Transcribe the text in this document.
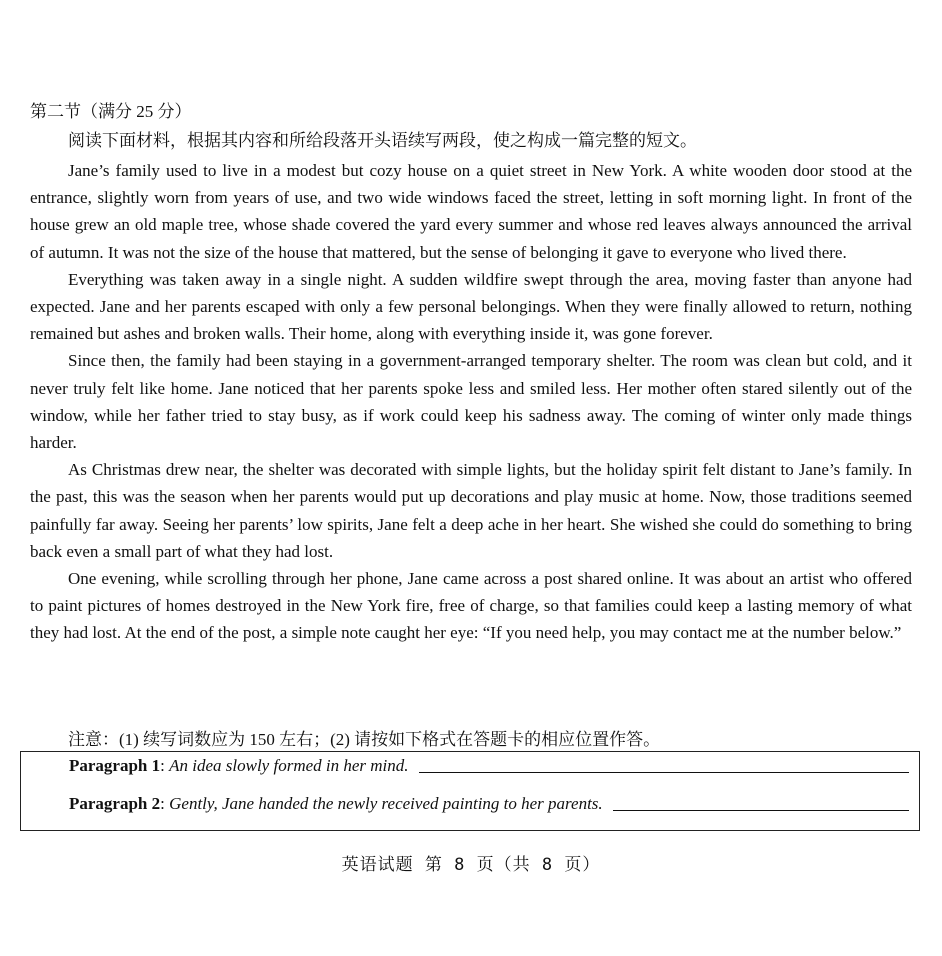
第二节（满分 25 分）
阅读下面材料，根据其内容和所给段落开头语续写两段，使之构成一篇完整的短文。

Jane’s family used to live in a modest but cozy house on a quiet street in New York. A white wooden door stood at the entrance, slightly worn from years of use, and two wide windows faced the street, letting in soft morning light. In front of the house grew an old maple tree, whose shade covered the yard every summer and whose red leaves always announced the arrival of autumn. It was not the size of the house that mattered, but the sense of belonging it gave to everyone who lived there.

Everything was taken away in a single night. A sudden wildfire swept through the area, moving faster than anyone had expected. Jane and her parents escaped with only a few personal belongings. When they were finally allowed to return, nothing remained but ashes and broken walls. Their home, along with everything inside it, was gone forever.

Since then, the family had been staying in a government-arranged temporary shelter. The room was clean but cold, and it never truly felt like home. Jane noticed that her parents spoke less and smiled less. Her mother often stared silently out of the window, while her father tried to stay busy, as if work could keep his sadness away. The coming of winter only made things harder.

As Christmas drew near, the shelter was decorated with simple lights, but the holiday spirit felt distant to Jane’s family. In the past, this was the season when her parents would put up decorations and play music at home. Now, those traditions seemed painfully far away. Seeing her parents’ low spirits, Jane felt a deep ache in her heart. She wished she could do something to bring back even a small part of what they had lost.

One evening, while scrolling through her phone, Jane came across a post shared online. It was about an artist who offered to paint pictures of homes destroyed in the New York fire, free of charge, so that families could keep a lasting memory of what they had lost. At the end of the post, a simple note caught her eye: “If you need help, you may contact me at the number below.”

注意：(1) 续写词数应为 150 左右；(2) 请按如下格式在答题卡的相应位置作答。
Paragraph 1 : An idea slowly formed in her mind.
Paragraph 2 : Gently, Jane handed the newly received painting to her parents.
英语试题 第 8 页（共 8 页）
